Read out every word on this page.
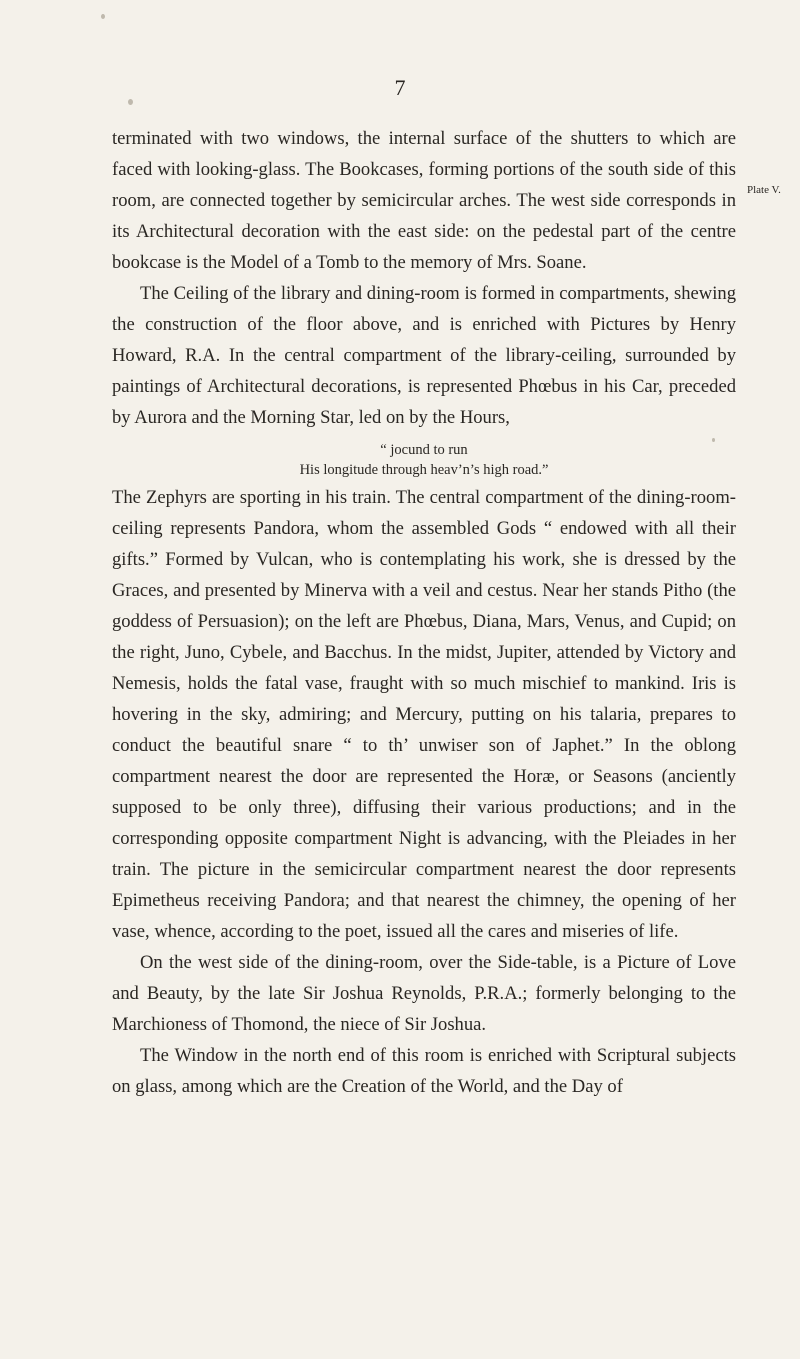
7
Plate V.

terminated with two windows, the internal surface of the shutters to which are faced with looking-glass. The Bookcases, forming portions of the south side of this room, are connected together by semicircular arches. The west side corresponds in its Architectural decoration with the east side: on the pedestal part of the centre bookcase is the Model of a Tomb to the memory of Mrs. Soane.

The Ceiling of the library and dining-room is formed in compartments, shewing the construction of the floor above, and is enriched with Pictures by Henry Howard, R.A. In the central compartment of the library-ceiling, surrounded by paintings of Architectural decorations, is represented Phœbus in his Car, preceded by Aurora and the Morning Star, led on by the Hours,

“ jocund to run
His longitude through heav’n’s high road.”

The Zephyrs are sporting in his train. The central compartment of the dining-room-ceiling represents Pandora, whom the assembled Gods “ endowed with all their gifts.” Formed by Vulcan, who is contemplating his work, she is dressed by the Graces, and presented by Minerva with a veil and cestus. Near her stands Pitho (the goddess of Persuasion); on the left are Phœbus, Diana, Mars, Venus, and Cupid; on the right, Juno, Cybele, and Bacchus. In the midst, Jupiter, attended by Victory and Nemesis, holds the fatal vase, fraught with so much mischief to mankind. Iris is hovering in the sky, admiring; and Mercury, putting on his talaria, prepares to conduct the beautiful snare “ to th’ unwiser son of Japhet.” In the oblong compartment nearest the door are represented the Horæ, or Seasons (anciently supposed to be only three), diffusing their various productions; and in the corresponding opposite compartment Night is advancing, with the Pleiades in her train. The picture in the semicircular compartment nearest the door represents Epimetheus receiving Pandora; and that nearest the chimney, the opening of her vase, whence, according to the poet, issued all the cares and miseries of life.

On the west side of the dining-room, over the Side-table, is a Picture of Love and Beauty, by the late Sir Joshua Reynolds, P.R.A.; formerly belonging to the Marchioness of Thomond, the niece of Sir Joshua.

The Window in the north end of this room is enriched with Scriptural subjects on glass, among which are the Creation of the World, and the Day of
